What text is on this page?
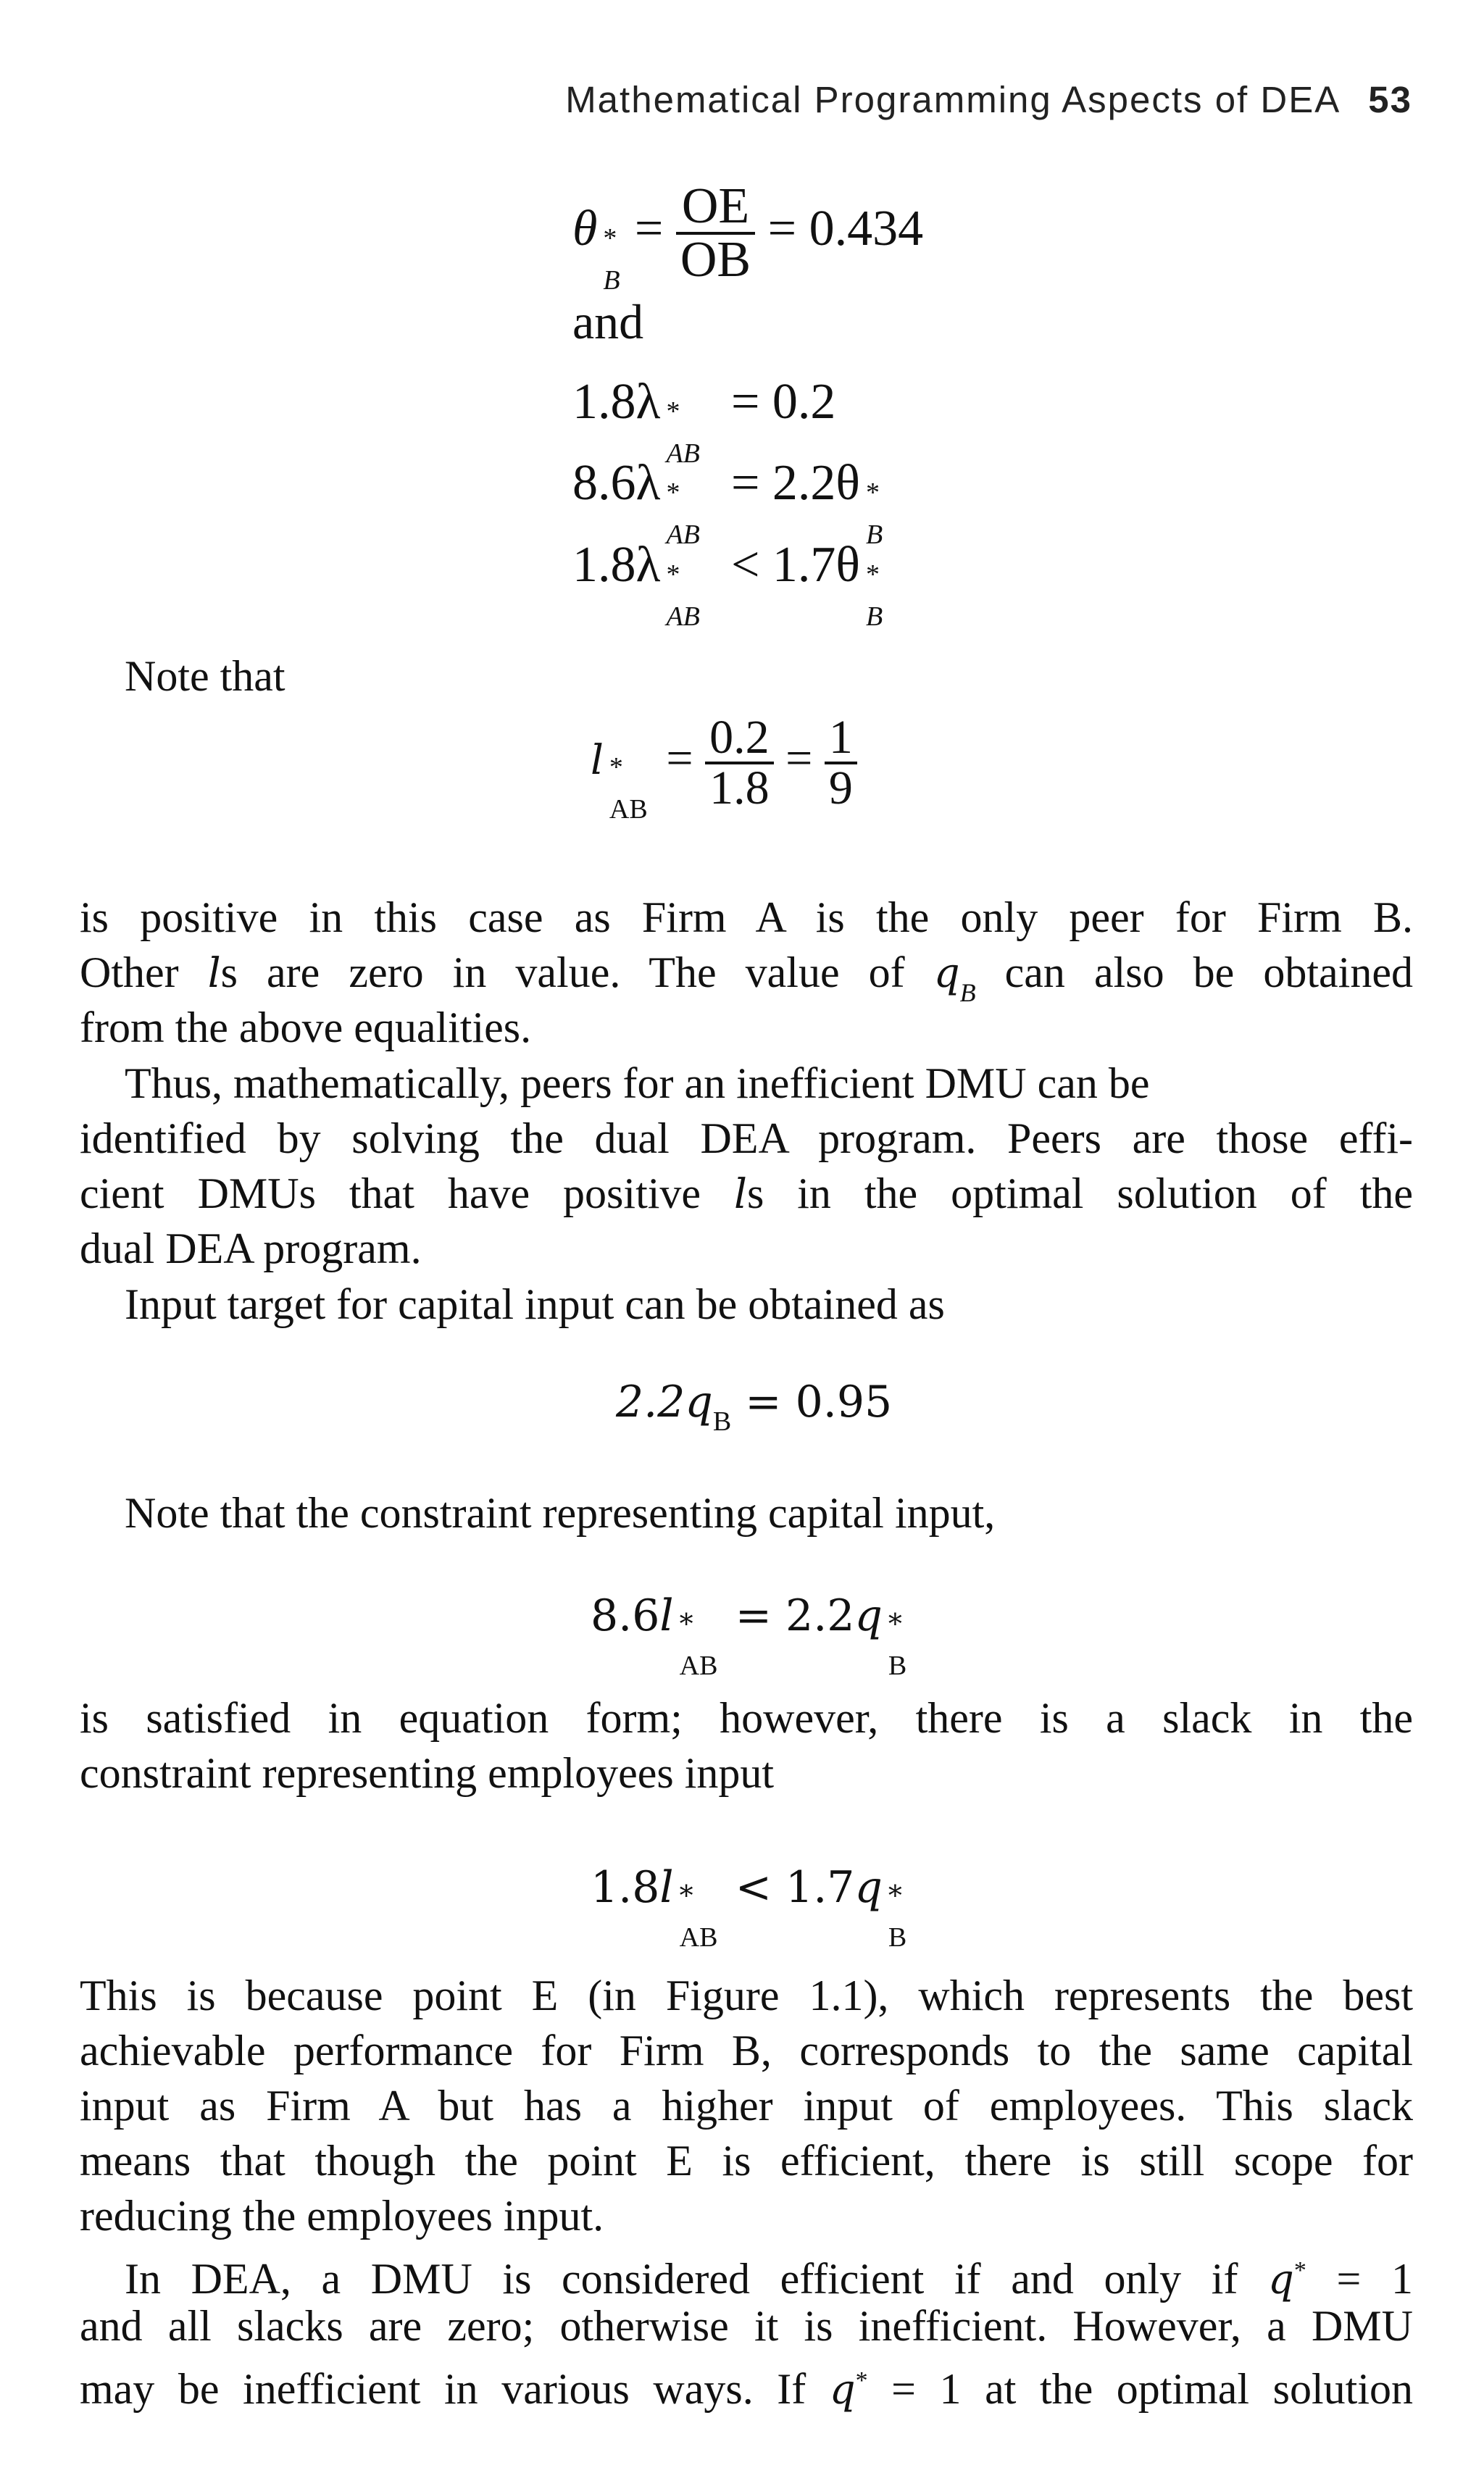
Mathematical Programming Aspects of DEA 53
θ *
B
= $\frac{OE}{OB} = 0.434$
and
1.8λ *
AB
= 0.2
8.6λ *
AB
= 2.2θ *
B
1.8λ *
AB
< 1.7θ *
B
Note that
l *
AB
= $\frac{0.2}{1.8} = \frac{1}{9}$
is positive in this case as Firm A is the only peer for Firm B.
Other ls are zero in value. The value of $q_B$ can also be obtained
from the above equalities.
Thus, mathematically, peers for an inefficient DMU can be
identified by solving the dual DEA program. Peers are those effi-
cient DMUs that have positive ls in the optimal solution of the
dual DEA program.
Input target for capital input can be obtained as
$2.2q_B = 0.95$
Note that the constraint representing capital input,
8.6l *
AB
= 2.2q *
B
is satisfied in equation form; however, there is a slack in the
constraint representing employees input
1.8l *
AB
< 1.7q *
B
This is because point E (in Figure 1.1), which represents the best
achievable performance for Firm B, corresponds to the same capital
input as Firm A but has a higher input of employees. This slack
means that though the point E is efficient, there is still scope for
reducing the employees input.
In DEA, a DMU is considered efficient if and only if q* = 1
and all slacks are zero; otherwise it is inefficient. However, a DMU
may be inefficient in various ways. If q* = 1 at the optimal solution
